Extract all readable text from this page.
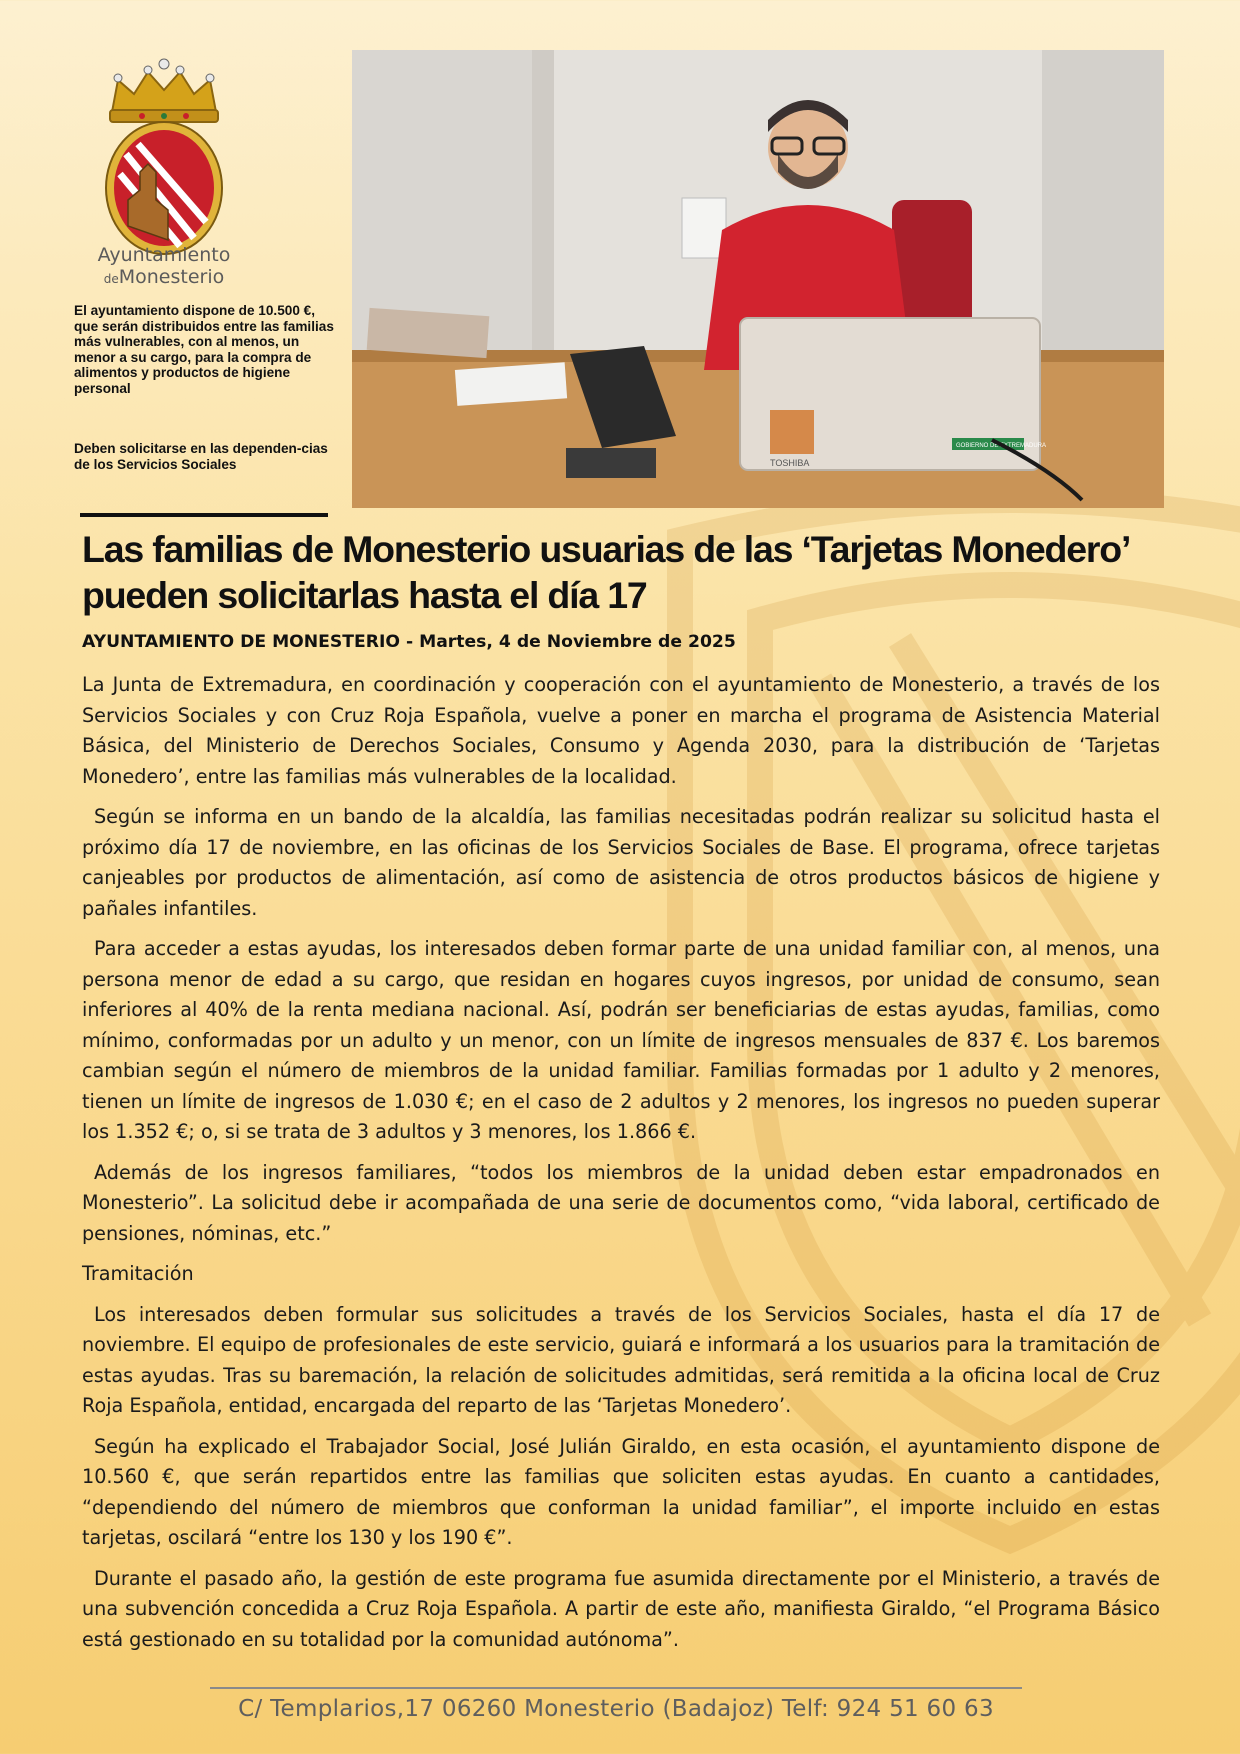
Ayuntamiento
deMonesterio
El ayuntamiento dispone de 10.500 €, que serán distribuidos entre las familias más vulnerables, con al menos, un menor a su cargo, para la compra de alimentos y productos de higiene personal
Deben solicitarse en las dependen-cias de los Servicios Sociales	TOSHIBA
GOBIERNO DE EXTREMADURA
Las familias de Monesterio usuarias de las ‘Tarjetas Monedero’ pueden solicitarlas hasta el día 17
AYUNTAMIENTO DE MONESTERIO - Martes, 4 de Noviembre de 2025

La Junta de Extremadura, en coordinación y cooperación con el ayuntamiento de Monesterio, a través de los Servicios Sociales y con Cruz Roja Española, vuelve a poner en marcha el programa de Asistencia Material Básica, del Ministerio de Derechos Sociales, Consumo y Agenda 2030, para la distribución de ‘Tarjetas Monedero’, entre las familias más vulnerables de la localidad.

Según se informa en un bando de la alcaldía, las familias necesitadas podrán realizar su solicitud hasta el próximo día 17 de noviembre, en las oficinas de los Servicios Sociales de Base. El programa, ofrece tarjetas canjeables por productos de alimentación, así como de asistencia de otros productos básicos de higiene y pañales infantiles.

Para acceder a estas ayudas, los interesados deben formar parte de una unidad familiar con, al menos, una persona menor de edad a su cargo, que residan en hogares cuyos ingresos, por unidad de consumo, sean inferiores al 40% de la renta mediana nacional. Así, podrán ser beneficiarias de estas ayudas, familias, como mínimo, conformadas por un adulto y un menor, con un límite de ingresos mensuales de 837 €. Los baremos cambian según el número de miembros de la unidad familiar. Familias formadas por 1 adulto y 2 menores, tienen un límite de ingresos de 1.030 €; en el caso de 2 adultos y 2 menores, los ingresos no pueden superar los 1.352 €; o, si se trata de 3 adultos y 3 menores, los 1.866 €.

Además de los ingresos familiares, “todos los miembros de la unidad deben estar empadronados en Monesterio”. La solicitud debe ir acompañada de una serie de documentos como, “vida laboral, certificado de pensiones, nóminas, etc.”

Tramitación

Los interesados deben formular sus solicitudes a través de los Servicios Sociales, hasta el día 17 de noviembre. El equipo de profesionales de este servicio, guiará e informará a los usuarios para la tramitación de estas ayudas. Tras su baremación, la relación de solicitudes admitidas, será remitida a la oficina local de Cruz Roja Española, entidad, encargada del reparto de las ‘Tarjetas Monedero’.

Según ha explicado el Trabajador Social, José Julián Giraldo, en esta ocasión, el ayuntamiento dispone de 10.560 €, que serán repartidos entre las familias que soliciten estas ayudas. En cuanto a cantidades, “dependiendo del número de miembros que conforman la unidad familiar”, el importe incluido en estas tarjetas, oscilará “entre los 130 y los 190 €”.

Durante el pasado año, la gestión de este programa fue asumida directamente por el Ministerio, a través de una subvención concedida a Cruz Roja Española. A partir de este año, manifiesta Giraldo, “el Programa Básico está gestionado en su totalidad por la comunidad autónoma”.

C/ Templarios,17 06260 Monesterio (Badajoz) Telf: 924 51 60 63
